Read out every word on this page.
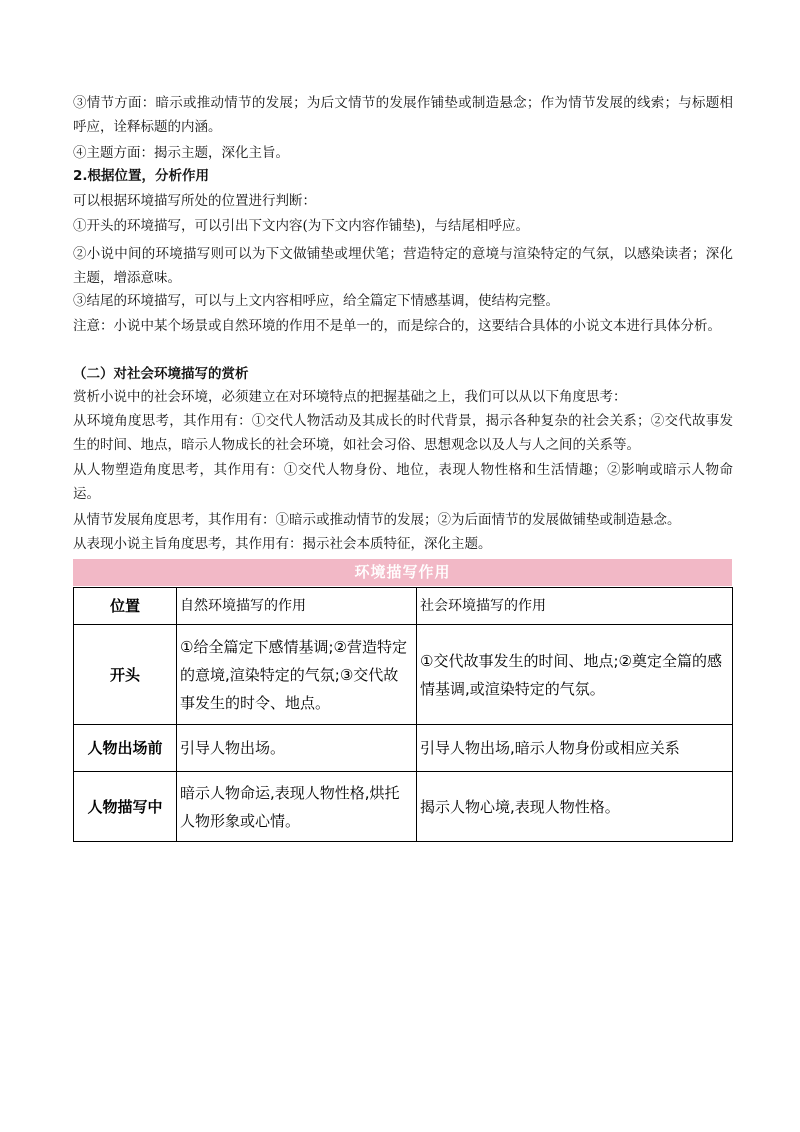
③情节方面：暗示或推动情节的发展；为后文情节的发展作铺垫或制造悬念；作为情节发展的线索；与标题相呼应，诠释标题的内涵。

④主题方面：揭示主题，深化主旨。

2.根据位置，分析作用

可以根据环境描写所处的位置进行判断：

①开头的环境描写，可以引出下文内容(为下文内容作铺垫)，与结尾相呼应。

②小说中间的环境描写则可以为下文做铺垫或埋伏笔；营造特定的意境与渲染特定的气氛，以感染读者；深化主题，增添意味。

③结尾的环境描写，可以与上文内容相呼应，给全篇定下情感基调，使结构完整。

注意：小说中某个场景或自然环境的作用不是单一的，而是综合的，这要结合具体的小说文本进行具体分析。

（二）对社会环境描写的赏析

赏析小说中的社会环境，必须建立在对环境特点的把握基础之上，我们可以从以下角度思考：

从环境角度思考，其作用有：①交代人物活动及其成长的时代背景，揭示各种复杂的社会关系；②交代故事发生的时间、地点，暗示人物成长的社会环境，如社会习俗、思想观念以及人与人之间的关系等。

从人物塑造角度思考，其作用有：①交代人物身份、地位，表现人物性格和生活情趣；②影响或暗示人物命运。

从情节发展角度思考，其作用有：①暗示或推动情节的发展；②为后面情节的发展做铺垫或制造悬念。

从表现小说主旨角度思考，其作用有：揭示社会本质特征，深化主题。

环境描写作用
位置	自然环境描写的作用	社会环境描写的作用
开头	①给全篇定下感情基调;②营造特定的意境,渲染特定的气氛;③交代故事发生的时令、地点。	①交代故事发生的时间、地点;②奠定全篇的感情基调,或渲染特定的气氛。
人物出场前	引导人物出场。	引导人物出场,暗示人物身份或相应关系
人物描写中	暗示人物命运,表现人物性格,烘托人物形象或心情。	揭示人物心境,表现人物性格。
